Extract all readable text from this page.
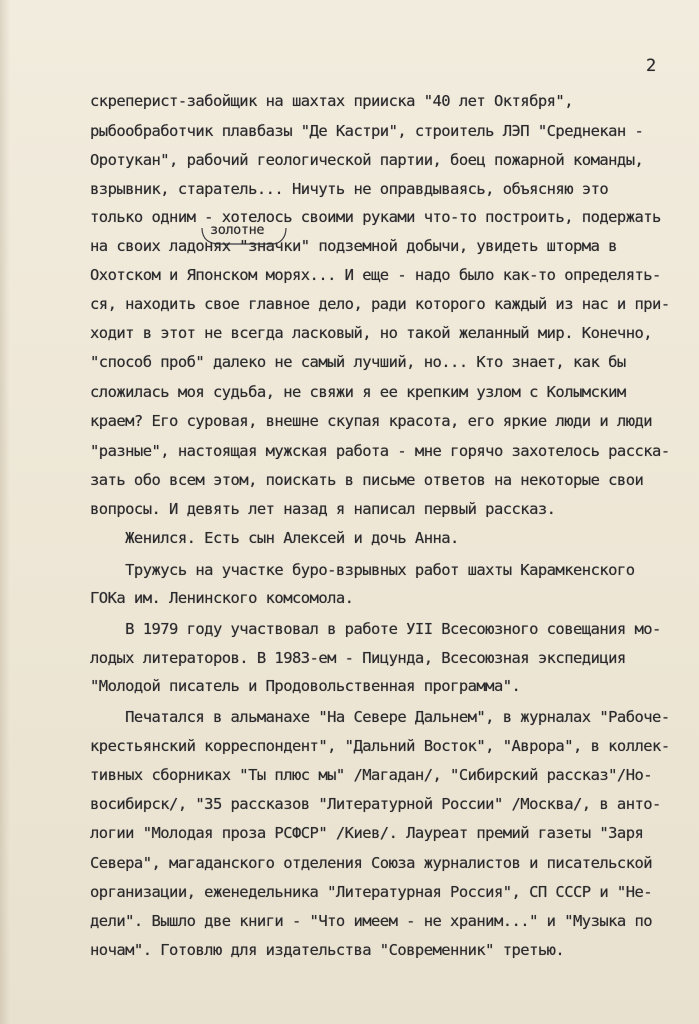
2
золотне
скреперист-забойщик на шахтах прииска "40 лет Октября",
рыбообработчик плавбазы "Де Кастри", строитель ЛЭП "Среднекан -
Оротукан", рабочий геологической партии, боец пожарной команды,
взрывник, старатель... Ничуть не оправдываясь, объясняю это
только одним - хотелось своими руками что-то построить, подержать
на своих ладонях "значки" подземной добычи, увидеть шторма в
Охотском и Японском морях... И еще - надо было как-то определять-
ся, находить свое главное дело, ради которого каждый из нас и при-
ходит в этот не всегда ласковый, но такой желанный мир. Конечно,
"способ проб" далеко не самый лучший, но... Кто знает, как бы
сложилась моя судьба, не свяжи я ее крепким узлом с Колымским
краем? Его суровая, внешне скупая красота, его яркие люди и люди
"разные", настоящая мужская работа - мне горячо захотелось расска-
зать обо всем этом, поискать в письме ответов на некоторые свои
вопросы. И девять лет назад я написал первый рассказ.
Женился. Есть сын Алексей и дочь Анна.
Тружусь на участке буро-взрывных работ шахты Карамкенского
ГОКа им. Ленинского комсомола.
В 1979 году участвовал в работе УII Всесоюзного совещания мо-
лодых литераторов. В 1983-ем - Пицунда, Всесоюзная экспедиция
"Молодой писатель и Продовольственная программа".
Печатался в альманахе "На Севере Дальнем", в журналах "Рабоче-
крестьянский корреспондент", "Дальний Восток", "Аврора", в коллек-
тивных сборниках "Ты плюс мы" /Магадан/, "Сибирский рассказ"/Но-
восибирск/, "35 рассказов "Литературной России" /Москва/, в анто-
логии "Молодая проза РСФСР" /Киев/. Лауреат премий газеты "Заря
Севера", магаданского отделения Союза журналистов и писательской
организации, еженедельника "Литературная Россия", СП СССР и "Не-
дели". Вышло две книги - "Что имеем - не храним..." и "Музыка по
ночам". Готовлю для издательства "Современник" третью.
